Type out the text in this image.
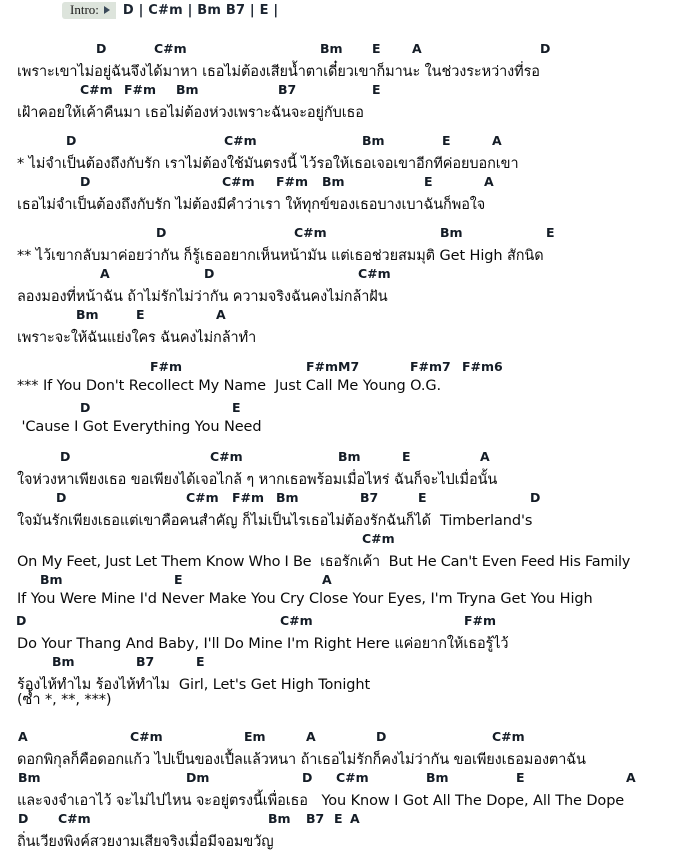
Intro: D | C#m | Bm B7 | E |
D	C#m	Bm E	A	D
เพราะเขาไม่อยู่ฉันจึงได้มาหา เธอไม่ต้องเสียน้ำตาเดี๋ยวเขาก็มานะ ในช่วงระหว่างที่รอ
C#m F#m Bm	B7	E
เฝ้าคอยให้เค้าคืนมา เธอไม่ต้องห่วงเพราะฉันจะอยู่กับเธอ
D	C#m	Bm	E	A
* ไม่จำเป็นต้องถึงกับรัก เราไม่ต้องใช้มันตรงนี้ ไว้รอให้เธอเจอเขาอีกทีค่อยบอกเขา
D	C#m F#m Bm	E	A
เธอไม่จำเป็นต้องถึงกับรัก ไม่ต้องมีคำว่าเรา ให้ทุกข์ของเธอบางเบาฉันก็พอใจ
D	C#m	Bm	E
** ไว้เขากลับมาค่อยว่ากัน ก็รู้เธออยากเห็นหน้ามัน แต่เธอช่วยสมมุติ Get High สักนิด
A	D	C#m
ลองมองที่หน้าฉัน ถ้าไม่รักไม่ว่ากัน ความจริงฉันคงไม่กล้าฝัน
Bm	E	A
เพราะจะให้ฉันแย่งใคร ฉันคงไม่กล้าทำ
F#m	F#mM7	F#m7 F#m6
*** If You Don't Recollect My Name  Just Call Me Young O.G.
D	E
'Cause I Got Everything You Need
D	C#m	Bm	E	A
ใจห่วงหาเพียงเธอ ขอเพียงได้เจอไกล้ ๆ หากเธอพร้อมเมื่อไหร่ ฉันก็จะไปเมื่อนั้น
D	C#m F#m Bm	B7	E	D
ใจมันรักเพียงเธอแต่เขาคือคนสำคัญ ก็ไม่เป็นไรเธอไม่ต้องรักฉันก็ได้  Timberland's
C#m
On My Feet, Just Let Them Know Who I Be  เธอรักเค้า  But He Can't Even Feed His Family
Bm	E	A
If You Were Mine I'd Never Make You Cry Close Your Eyes, I'm Tryna Get You High
D	C#m	F#m
Do Your Thang And Baby, I'll Do Mine I'm Right Here แค่อยากให้เธอรู้ไว้
Bm	B7	E
ร้องไห้ทำไม ร้องไห้ทำไม  Girl, Let's Get High Tonight

(ซ้ำ *, **, ***)
A	C#m	Em	A	D	C#m
ดอกพิกุลก็คือดอกแก้ว ไปเป็นของเปื้ลแล้วหนา ถ้าเธอไม่รักก็คงไม่ว่ากัน ขอเพียงเธอมองตาฉัน
Bm	Dm	D C#m	Bm	E	A
และจงจำเอาไว้ จะไม่ไปไหน จะอยู่ตรงนี้เพื่อเธอ   You Know I Got All The Dope, All The Dope
D C#m	Bm B7 E A
ถิ่นเวียงพิงค์สวยงามเสียจริงเมื่อมีจอมขวัญ
